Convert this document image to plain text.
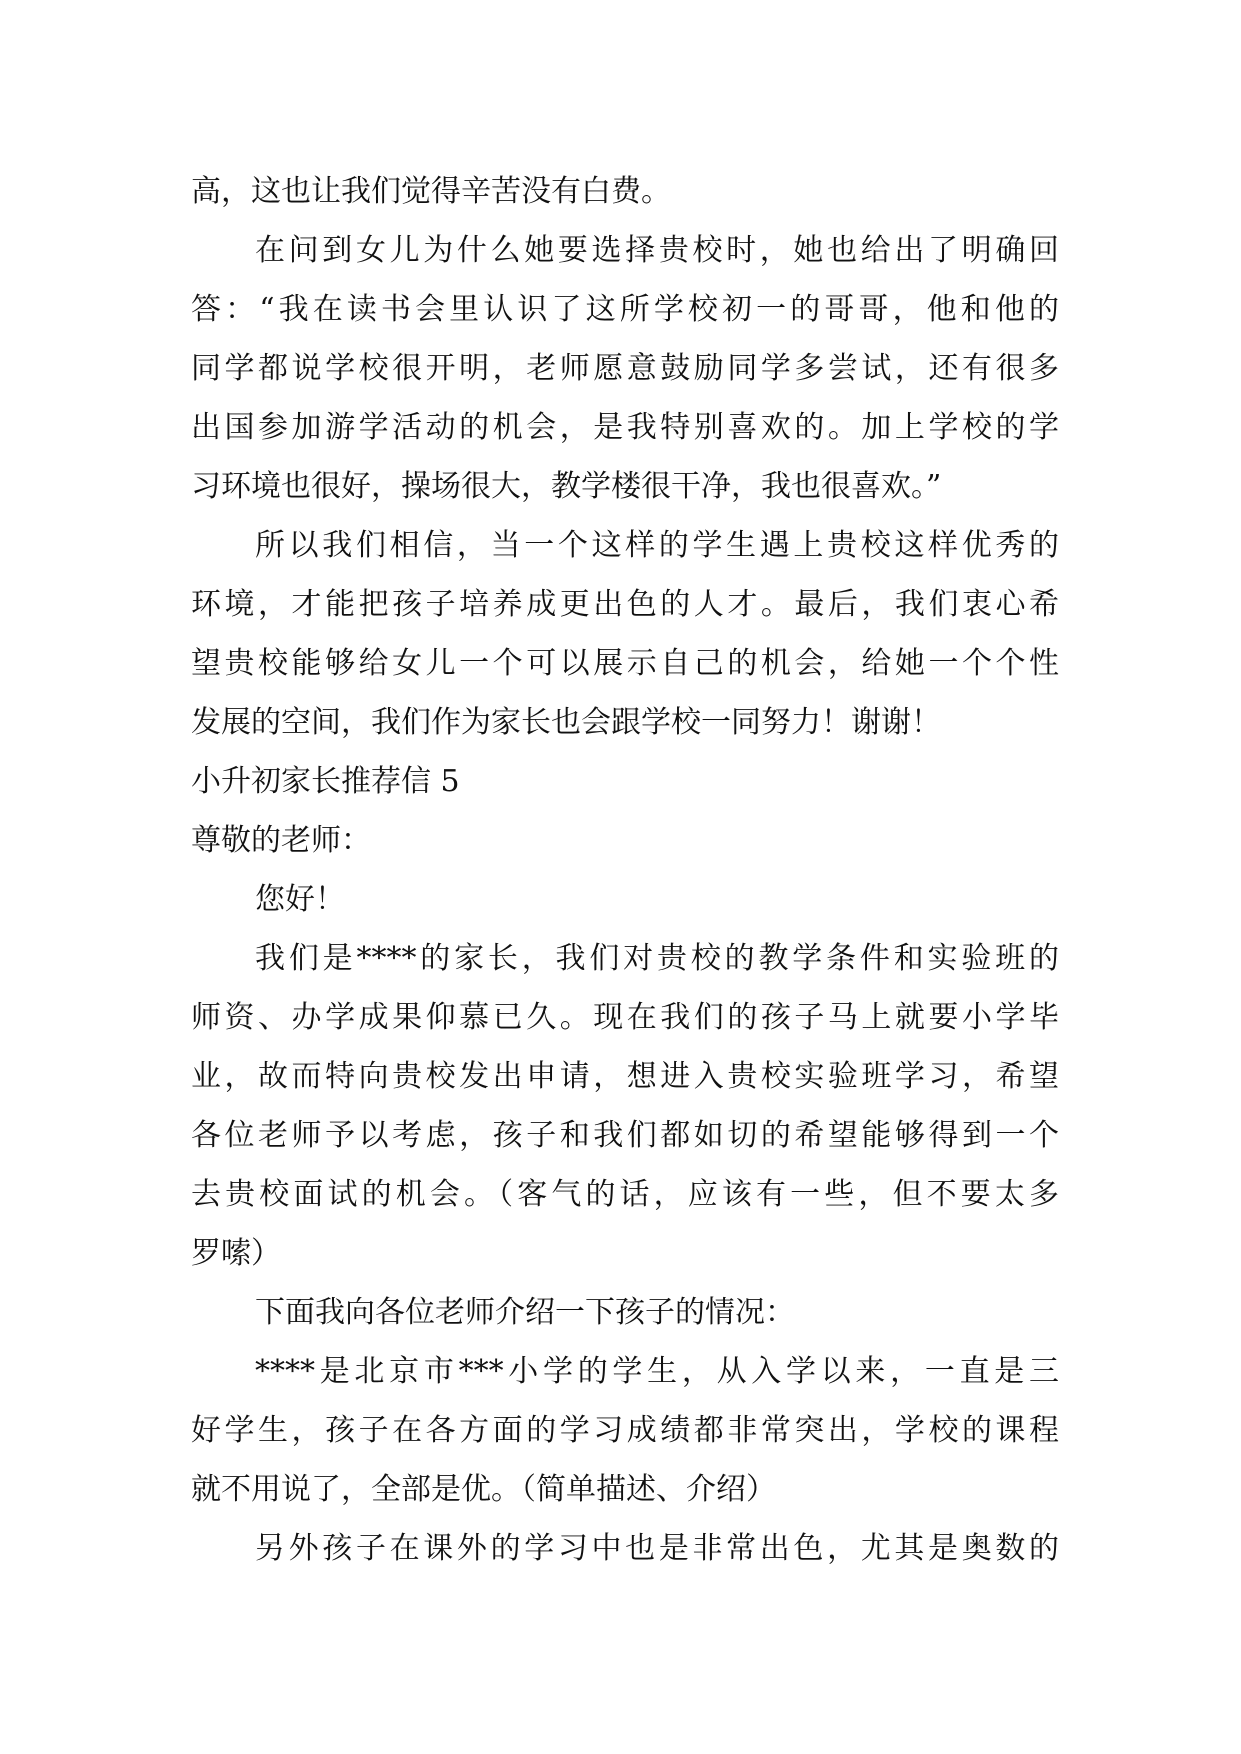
高，这也让我们觉得辛苦没有白费。
在问到女儿为什么她要选择贵校时，她也给出了明确回
答：“我在读书会里认识了这所学校初一的哥哥，他和他的
同学都说学校很开明，老师愿意鼓励同学多尝试，还有很多
出国参加游学活动的机会，是我特别喜欢的。加上学校的学
习环境也很好，操场很大，教学楼很干净，我也很喜欢。”
所以我们相信，当一个这样的学生遇上贵校这样优秀的
环境，才能把孩子培养成更出色的人才。最后，我们衷心希
望贵校能够给女儿一个可以展示自己的机会，给她一个个性
发展的空间，我们作为家长也会跟学校一同努力！谢谢！
小升初家长推荐信 5
尊敬的老师：
您好！
我们是****的家长，我们对贵校的教学条件和实验班的
师资、办学成果仰慕已久。现在我们的孩子马上就要小学毕
业，故而特向贵校发出申请，想进入贵校实验班学习，希望
各位老师予以考虑，孩子和我们都如切的希望能够得到一个
去贵校面试的机会。（客气的话，应该有一些，但不要太多
罗嗦）
下面我向各位老师介绍一下孩子的情况：
****是北京市***小学的学生，从入学以来，一直是三
好学生，孩子在各方面的学习成绩都非常突出，学校的课程
就不用说了，全部是优。（简单描述、介绍）
另外孩子在课外的学习中也是非常出色，尤其是奥数的
